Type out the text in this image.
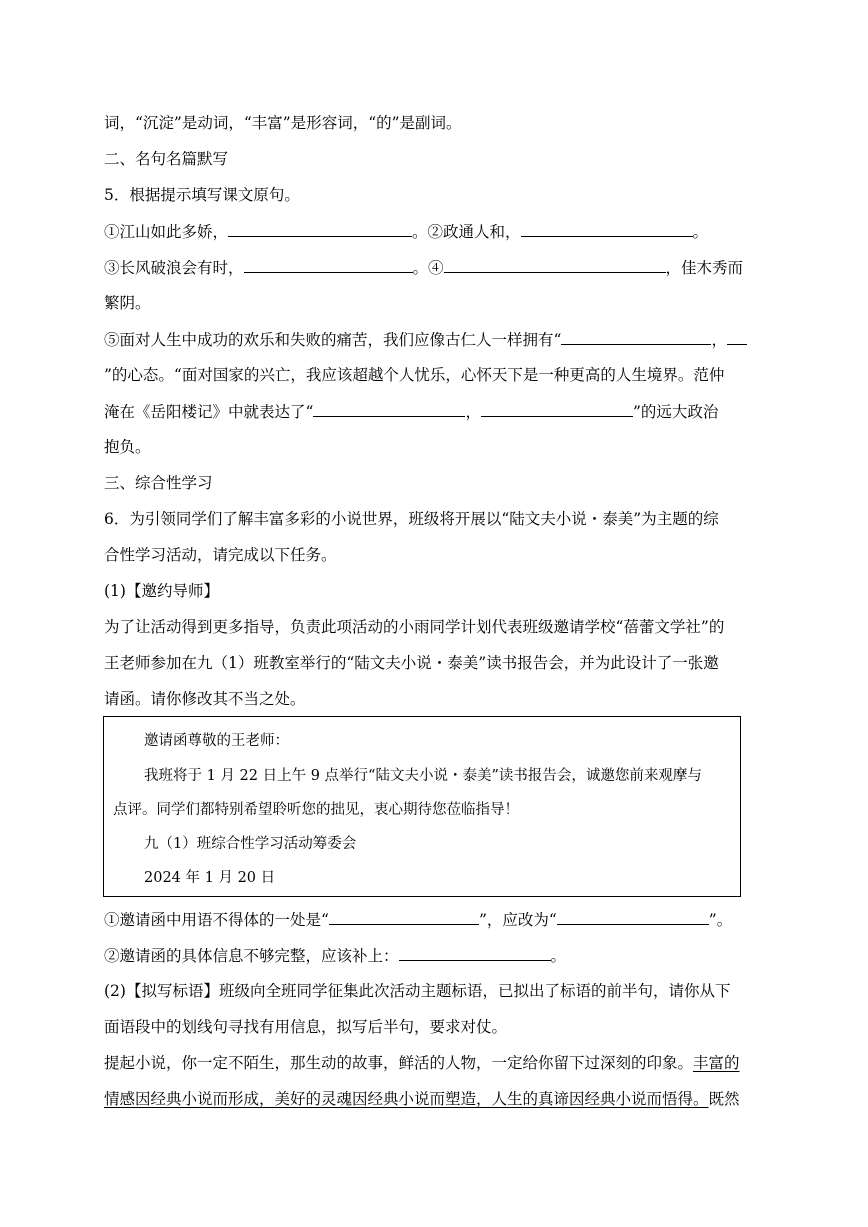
词，“沉淀”是动词，“丰富”是形容词，“的”是副词。
二、名句名篇默写
5．根据提示填写课文原句。
①江山如此多娇，	。②政通人和，	。
③长风破浪会有时，	。④	，佳木秀而
繁阴。
⑤面对人生中成功的欢乐和失败的痛苦，我们应像古仁人一样拥有“	，
”的心态。“面对国家的兴亡，我应该超越个人忧乐，心怀天下是一种更高的人生境界。范仲
淹在《岳阳楼记》中就表达了“	，	”的远大政治
抱负。
三、综合性学习
6．为引领同学们了解丰富多彩的小说世界，班级将开展以“陆文夫小说・泰美”为主题的综
合性学习活动，请完成以下任务。
(1)【邀约导师】
为了让活动得到更多指导，负责此项活动的小雨同学计划代表班级邀请学校“蓓蕾文学社”的
王老师参加在九（1）班教室举行的“陆文夫小说・泰美”读书报告会，并为此设计了一张邀
请函。请你修改其不当之处。
邀请函尊敬的王老师：
我班将于 1 月 22 日上午 9 点举行“陆文夫小说・泰美”读书报告会，诚邀您前来观摩与
点评。同学们都特别希望聆听您的拙见，衷心期待您莅临指导！
九（1）班综合性学习活动筹委会
2024 年 1 月 20 日
①邀请函中用语不得体的一处是“	”，应改为“	”。
②邀请函的具体信息不够完整，应该补上：	。
(2)【拟写标语】班级向全班同学征集此次活动主题标语，已拟出了标语的前半句，请你从下
面语段中的划线句寻找有用信息，拟写后半句，要求对仗。
提起小说，你一定不陌生，那生动的故事，鲜活的人物，一定给你留下过深刻的印象。丰富的
情感因经典小说而形成，美好的灵魂因经典小说而塑造，人生的真谛因经典小说而悟得。既然
